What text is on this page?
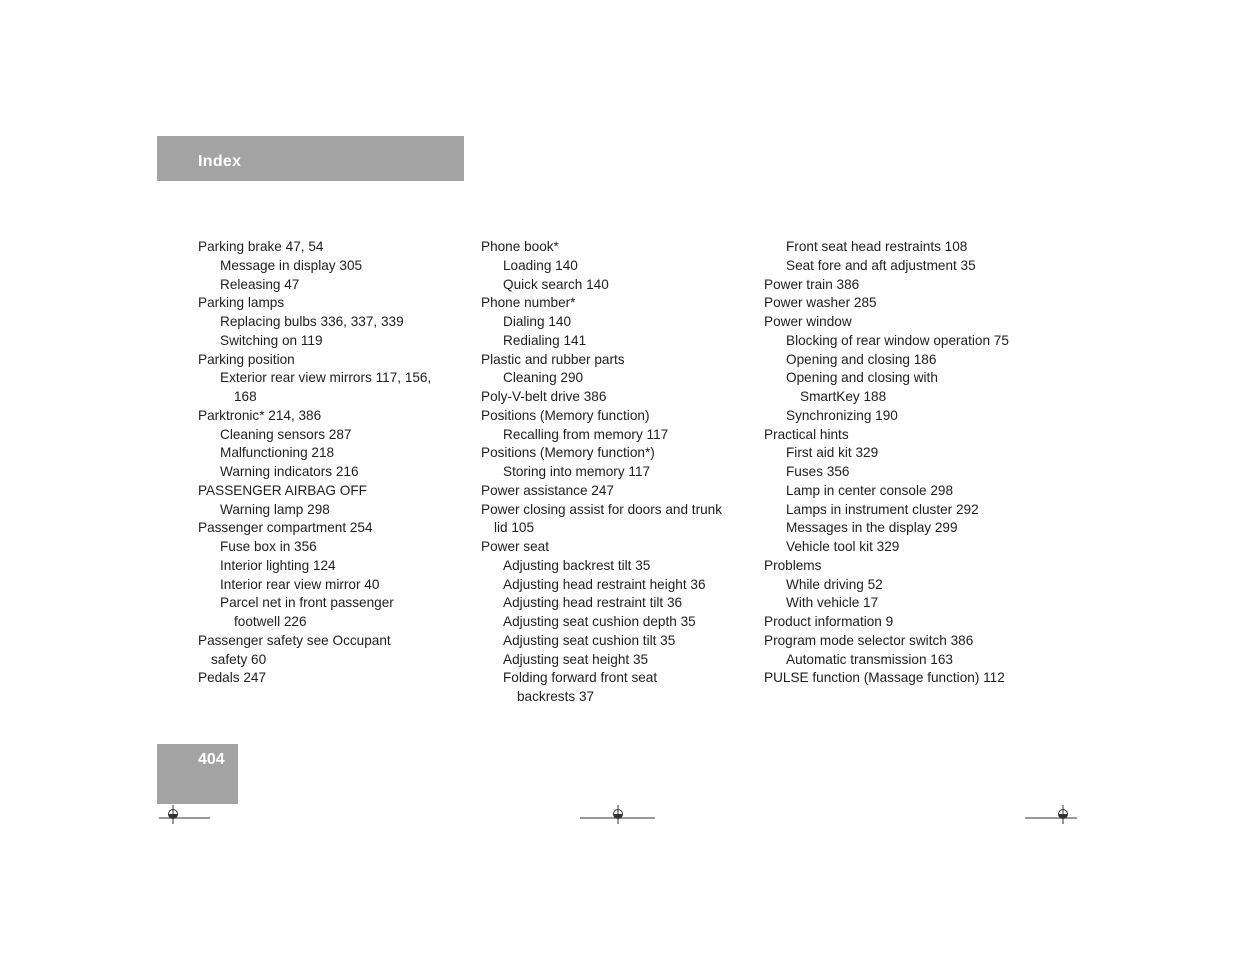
Index
Parking brake 47, 54
Message in display 305
Releasing 47
Parking lamps
Replacing bulbs 336, 337, 339
Switching on 119
Parking position
Exterior rear view mirrors 117, 156,
168
Parktronic* 214, 386
Cleaning sensors 287
Malfunctioning 218
Warning indicators 216
PASSENGER AIRBAG OFF
Warning lamp 298
Passenger compartment 254
Fuse box in 356
Interior lighting 124
Interior rear view mirror 40
Parcel net in front passenger
footwell 226
Passenger safety see Occupant
safety 60
Pedals 247
Phone book*
Loading 140
Quick search 140
Phone number*
Dialing 140
Redialing 141
Plastic and rubber parts
Cleaning 290
Poly-V-belt drive 386
Positions (Memory function)
Recalling from memory 117
Positions (Memory function*)
Storing into memory 117
Power assistance 247
Power closing assist for doors and trunk
lid 105
Power seat
Adjusting backrest tilt 35
Adjusting head restraint height 36
Adjusting head restraint tilt 36
Adjusting seat cushion depth 35
Adjusting seat cushion tilt 35
Adjusting seat height 35
Folding forward front seat
backrests 37
Front seat head restraints 108
Seat fore and aft adjustment 35
Power train 386
Power washer 285
Power window
Blocking of rear window operation 75
Opening and closing 186
Opening and closing with
SmartKey 188
Synchronizing 190
Practical hints
First aid kit 329
Fuses 356
Lamp in center console 298
Lamps in instrument cluster 292
Messages in the display 299
Vehicle tool kit 329
Problems
While driving 52
With vehicle 17
Product information 9
Program mode selector switch 386
Automatic transmission 163
PULSE function (Massage function) 112
404
